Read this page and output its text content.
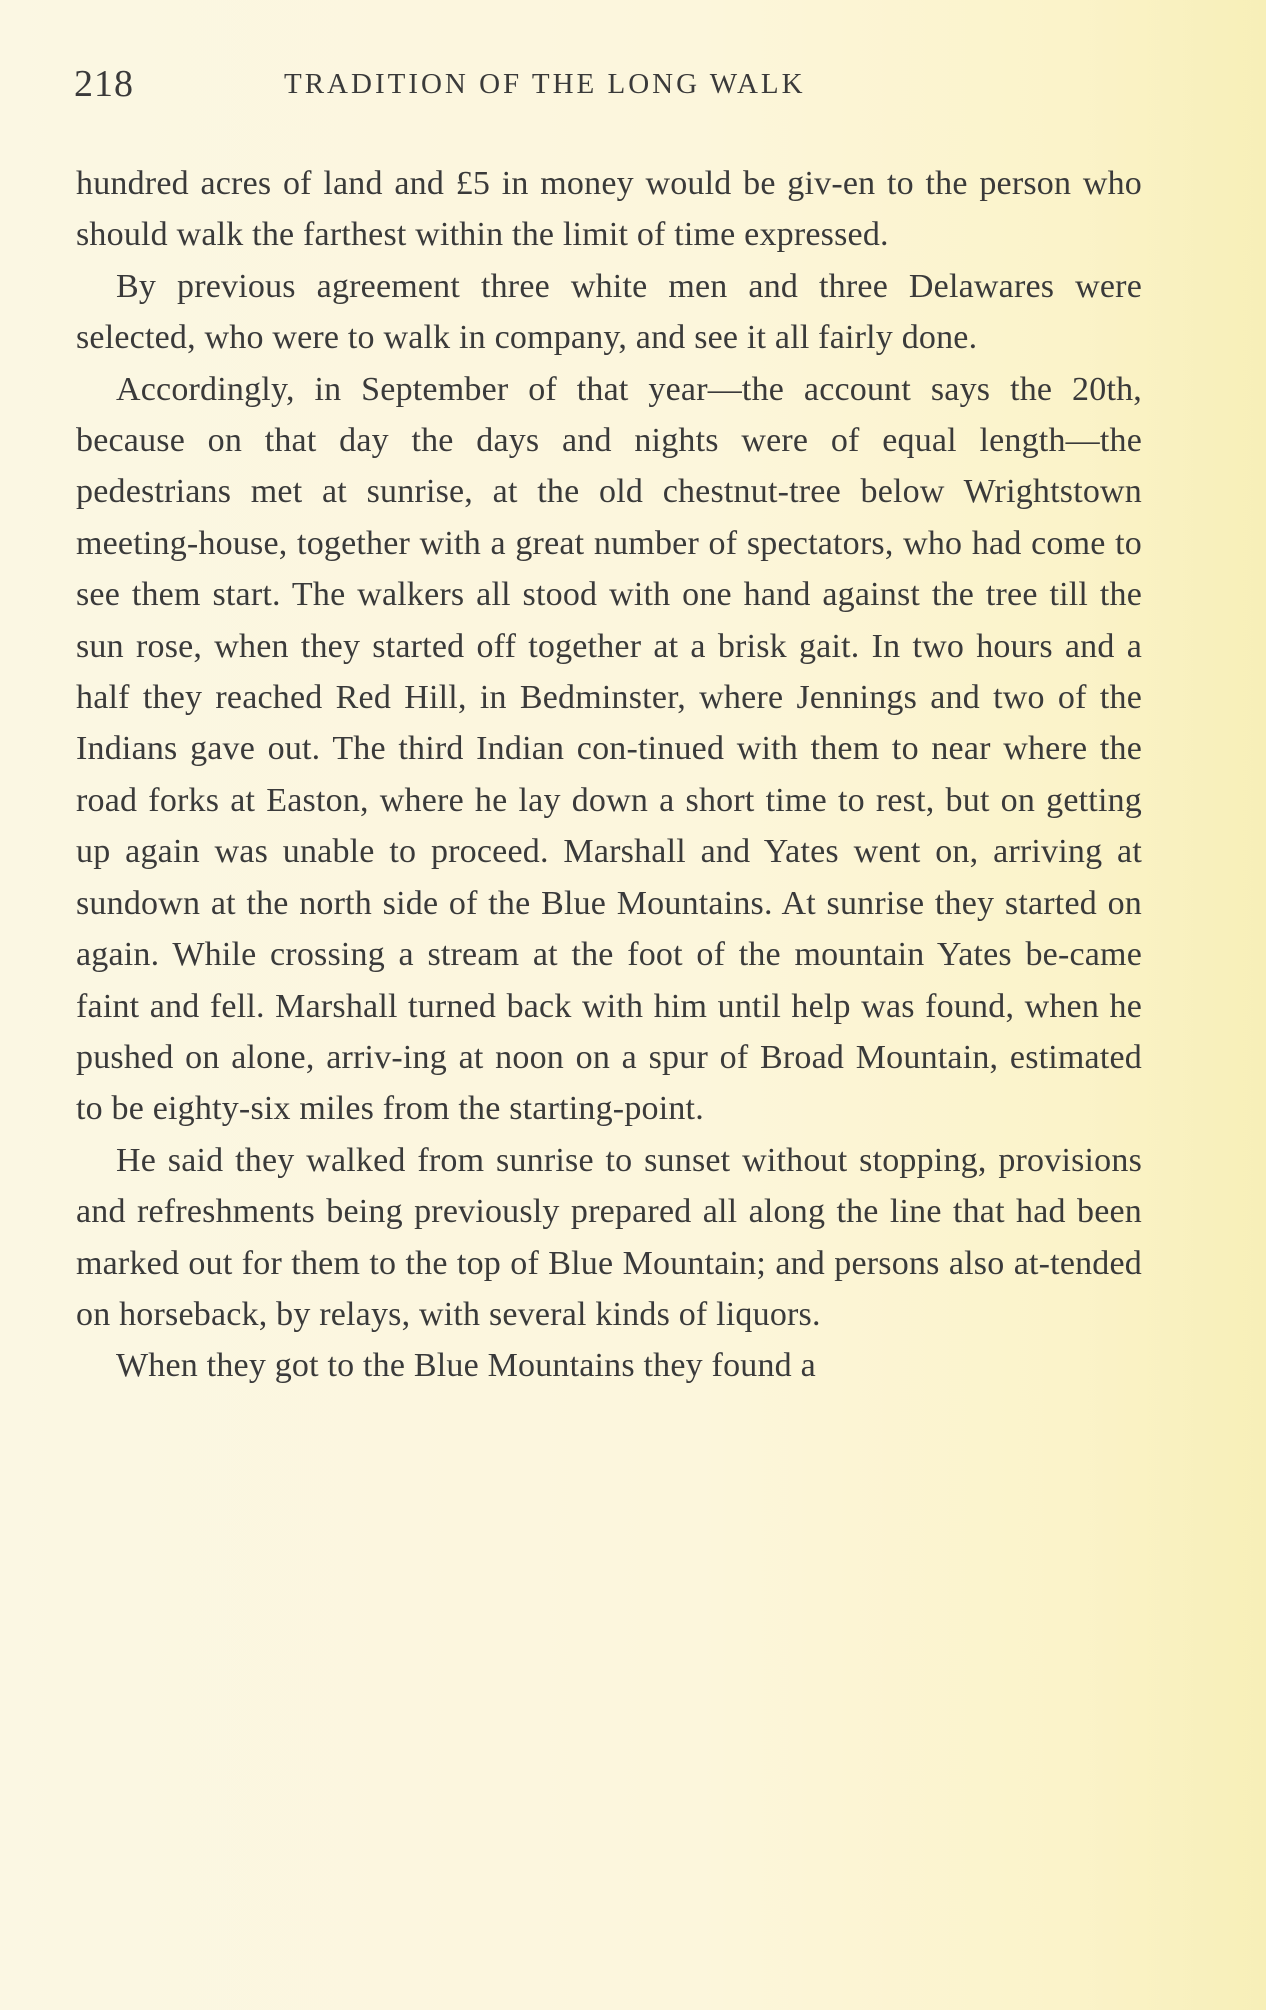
218	TRADITION OF THE LONG WALK

hundred acres of land and £5 in money would be giv-en to the person who should walk the farthest within the limit of time expressed.

By previous agreement three white men and three Delawares were selected, who were to walk in company, and see it all fairly done.

Accordingly, in September of that year—the account says the 20th, because on that day the days and nights were of equal length—the pedestrians met at sunrise, at the old chestnut-tree below Wrightstown meeting-house, together with a great number of spectators, who had come to see them start. The walkers all stood with one hand against the tree till the sun rose, when they started off together at a brisk gait. In two hours and a half they reached Red Hill, in Bedminster, where Jennings and two of the Indians gave out. The third Indian con-tinued with them to near where the road forks at Easton, where he lay down a short time to rest, but on getting up again was unable to proceed. Marshall and Yates went on, arriving at sundown at the north side of the Blue Mountains. At sunrise they started on again. While crossing a stream at the foot of the mountain Yates be-came faint and fell. Marshall turned back with him until help was found, when he pushed on alone, arriv-ing at noon on a spur of Broad Mountain, estimated to be eighty-six miles from the starting-point.

He said they walked from sunrise to sunset without stopping, provisions and refreshments being previously prepared all along the line that had been marked out for them to the top of Blue Mountain; and persons also at-tended on horseback, by relays, with several kinds of liquors.

When they got to the Blue Mountains they found a
